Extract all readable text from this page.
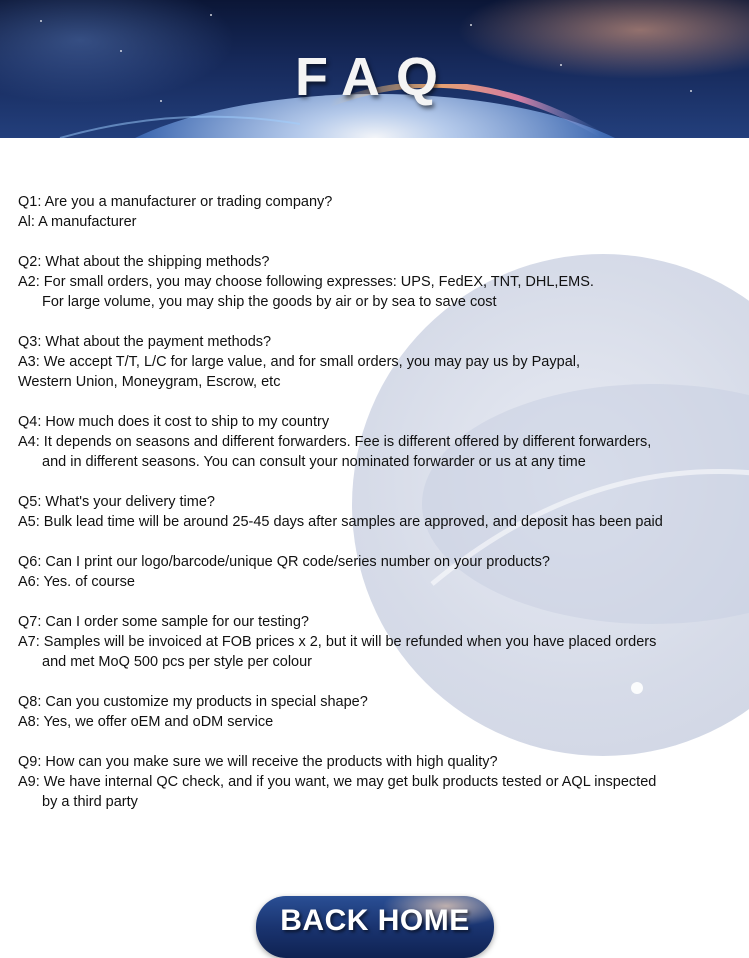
FAQ
Q1: Are you a manufacturer or trading company?
Al: A manufacturer
Q2: What about the shipping methods?
A2: For small orders, you may choose following expresses: UPS, FedEX, TNT, DHL,EMS.
For large volume, you may ship the goods by air or by sea to save cost
Q3: What about the payment methods?
A3: We accept T/T, L/C for large value, and for small orders, you may pay us by Paypal,
Western Union, Moneygram, Escrow, etc
Q4: How much does it cost to ship to my country
A4: It depends on seasons and different forwarders. Fee is different offered by different forwarders,
and in different seasons. You can consult your nominated forwarder or us at any time
Q5: What's your delivery time?
A5: Bulk lead time will be around 25-45 days after samples are approved, and deposit has been paid
Q6: Can I print our logo/barcode/unique QR code/series number on your products?
A6: Yes. of course
Q7: Can I order some sample for our testing?
A7: Samples will be invoiced at FOB prices x 2, but it will be refunded when you have placed orders
and met MoQ 500 pcs per style per colour
Q8: Can you customize my products in special shape?
A8: Yes, we offer oEM and oDM service
Q9: How can you make sure we will receive the products with high quality?
A9: We have internal QC check, and if you want, we may get bulk products tested or AQL inspected
by a third party
BACK HOME
